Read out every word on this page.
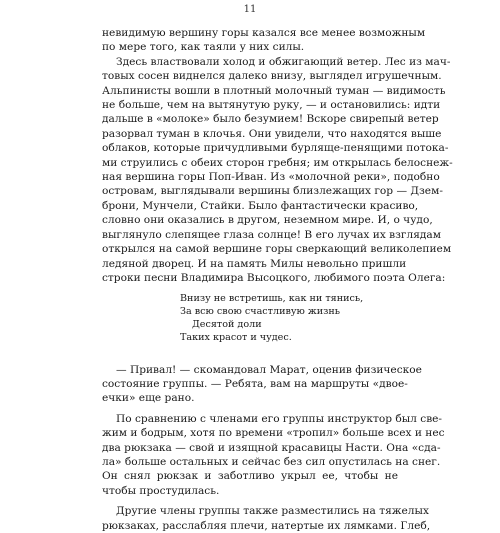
11
невидимую вершину горы казался все менее возможным
по мере того, как таяли у них силы.
Здесь властвовали холод и обжигающий ветер. Лес из мач-
товых сосен виднелся далеко внизу, выглядел игрушечным.
Альпинисты вошли в плотный молочный туман — видимость
не больше, чем на вытянутую руку, — и остановились: идти
дальше в «молоке» было безумием! Вскоре свирепый ветер
разорвал туман в клочья. Они увидели, что находятся выше
облаков, которые причудливыми бурляще-пенящими потока-
ми струились с обеих сторон гребня; им открылась белоснеж-
ная вершина горы Поп-Иван. Из «молочной реки», подобно
островам, выглядывали вершины близлежащих гор — Дзем-
брони, Мунчели, Стайки. Было фантастически красиво,
словно они оказались в другом, неземном мире. И, о чудо,
выглянуло слепящее глаза солнце! В его лучах их взглядам
открылся на самой вершине горы сверкающий великолепием
ледяной дворец. И на память Милы невольно пришли
строки песни Владимира Высоцкого, любимого поэта Олега:
Внизу не встретишь, как ни тянись,
За всю свою счастливую жизнь
Десятой доли
Таких красот и чудес.
— Привал! — скомандовал Марат, оценив физическое
состояние группы. — Ребята, вам на маршруты «двое-
ечки» еще рано.
По сравнению с членами его группы инструктор был све-
жим и бодрым, хотя по времени «тропил» больше всех и нес
два рюкзака — свой и изящной красавицы Насти. Она «сда-
ла» больше остальных и сейчас без сил опустилась на снег.
Он снял рюкзак и заботливо укрыл ее, чтобы не
чтобы простудилась.
Другие члены группы также разместились на тяжелых
рюкзаках, расслабляя плечи, натертые их лямками. Глеб,
